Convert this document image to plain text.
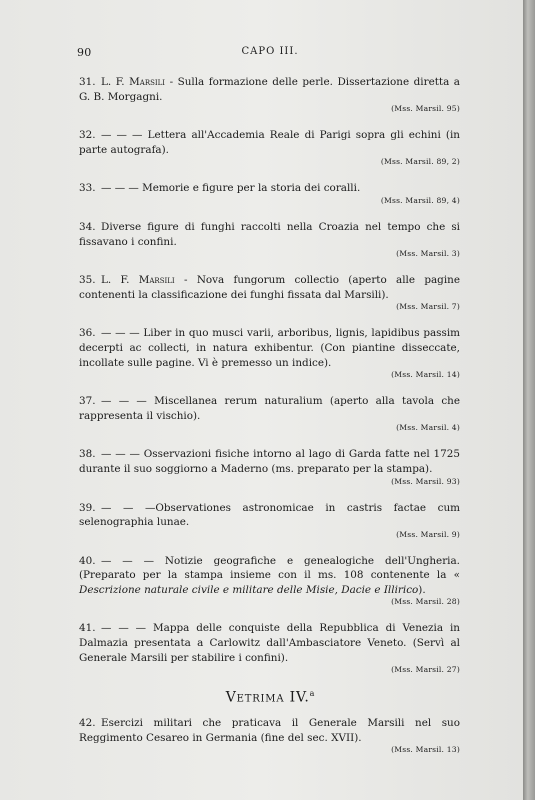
90	CAPO III.
31. L. F. Marsili - Sulla formazione delle perle. Dissertazione diretta a G. B. Morgagni.
(Mss. Marsil. 95)
32. — — — Lettera all'Accademia Reale di Parigi sopra gli echini (in parte autografa).
(Mss. Marsil. 89, 2)
33. — — — Memorie e figure per la storia dei coralli.
(Mss. Marsil. 89, 4)
34. Diverse figure di funghi raccolti nella Croazia nel tempo che si fissavano i confini.
(Mss. Marsil. 3)
35. L. F. Marsili - Nova fungorum collectio (aperto alle pagine contenenti la classificazione dei funghi fissata dal Marsili).
(Mss. Marsil. 7)
36. — — — Liber in quo musci varii, arboribus, lignis, lapidibus passim decerpti ac collecti, in natura exhibentur. (Con piantine disseccate, incollate sulle pagine. Vi è premesso un indice).
(Mss. Marsil. 14)
37. — — — Miscellanea rerum naturalium (aperto alla tavola che rappresenta il vischio).
(Mss. Marsil. 4)
38. — — — Osservazioni fisiche intorno al lago di Garda fatte nel 1725 durante il suo soggiorno a Maderno (ms. preparato per la stampa).
(Mss. Marsil. 93)
39. — — —Observationes astronomicae in castris factae cum selenographia lunae.
(Mss. Marsil. 9)
40. — — — Notizie geografiche e genealogiche dell'Ungheria. (Preparato per la stampa insieme con il ms. 108 contenente la « Descrizione naturale civile e militare delle Misie, Dacie e Illirico).
(Mss. Marsil. 28)
41. — — — Mappa delle conquiste della Repubblica di Venezia in Dalmazia presentata a Carlowitz dall'Ambasciatore Veneto. (Servì al Generale Marsili per stabilire i confini).
(Mss. Marsil. 27)
Vetrima IV.$^a$
42. Esercizi militari che praticava il Generale Marsili nel suo Reggimento Cesareo in Germania (fine del sec. XVII).
(Mss. Marsil. 13)
